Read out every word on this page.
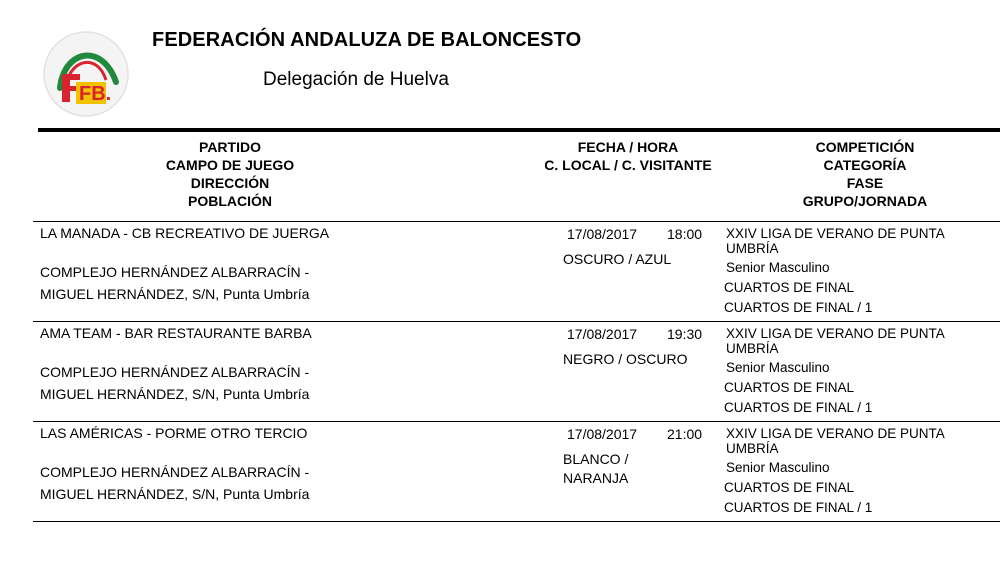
FB.
FEDERACIÓN ANDALUZA DE BALONCESTO
Delegación de Huelva
PARTIDO
CAMPO DE JUEGO
DIRECCIÓN
POBLACIÓN
FECHA / HORA
C. LOCAL / C. VISITANTE
COMPETICIÓN
CATEGORÍA
FASE
GRUPO/JORNADA
LA MANADA - CB RECREATIVO DE JUERGA
COMPLEJO HERNÁNDEZ ALBARRACÍN -
MIGUEL HERNÁNDEZ, S/N, Punta Umbría
17/08/2017 18:00
OSCURO / AZUL
XXIV LIGA DE VERANO DE PUNTA
UMBRÍA
Senior Masculino
CUARTOS DE FINAL
CUARTOS DE FINAL / 1
AMA TEAM - BAR RESTAURANTE BARBA
COMPLEJO HERNÁNDEZ ALBARRACÍN -
MIGUEL HERNÁNDEZ, S/N, Punta Umbría
17/08/2017 19:30
NEGRO / OSCURO
XXIV LIGA DE VERANO DE PUNTA
UMBRÍA
Senior Masculino
CUARTOS DE FINAL
CUARTOS DE FINAL / 1
LAS AMÉRICAS - PORME OTRO TERCIO
COMPLEJO HERNÁNDEZ ALBARRACÍN -
MIGUEL HERNÁNDEZ, S/N, Punta Umbría
17/08/2017 21:00
BLANCO /
NARANJA
XXIV LIGA DE VERANO DE PUNTA
UMBRÍA
Senior Masculino
CUARTOS DE FINAL
CUARTOS DE FINAL / 1
